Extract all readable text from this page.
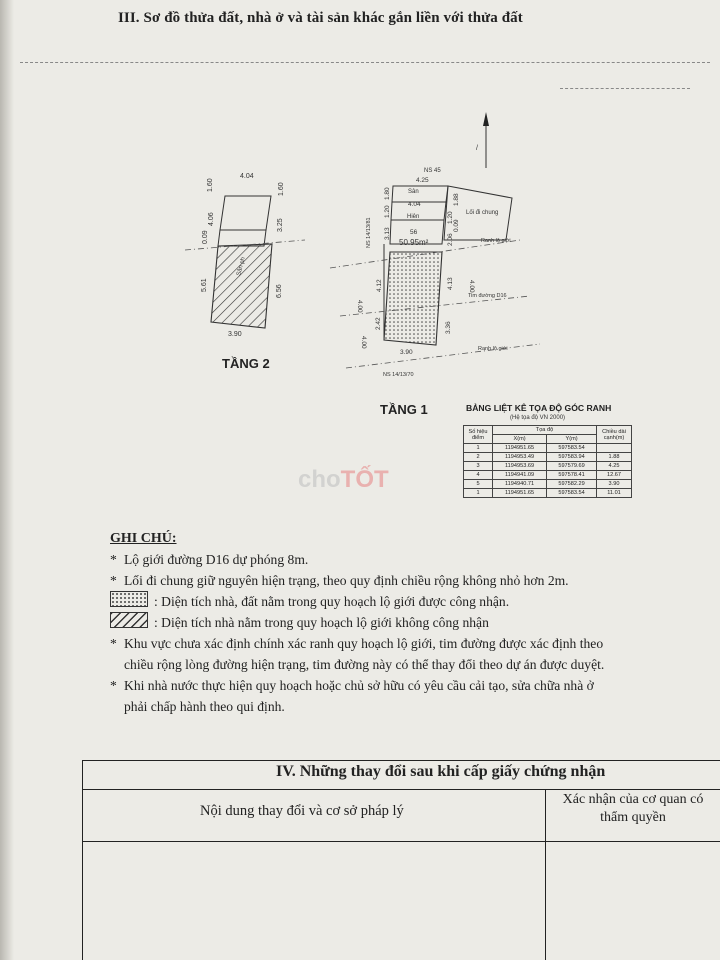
III. Sơ đồ thửa đất, nhà ở và tài sản khác gắn liền với thửa đất
/
4.04
1.60	1.60
4.06	3.25
0.09
5.61	6.56
3.90
Sân ph
NS 45
4.25
Sân
4.04
Hiên
56
50.95m²
Lối đi chung
Ranh lộ giới
Tim đường D16
Ranh lộ giới
NS 14/13/81
NS 14/13/70
1.80
1.20
3.13
1.88
1.20
0.09
2.06
4.12	4.13
2.42	3.36
4.00
4.00
4.00
3.90
TẦNG 2
TẦNG 1	BẢNG LIỆT KÊ TỌA ĐỘ GÓC RANH
(Hệ tọa độ VN 2000)
Số hiệu điểm	Tọa độ		Chiều dài cạnh(m)
	X(m)	Y(m)	
1	1194951.65	597583.54	
2	1194953.49	597583.94	1.88
3	1194953.69	597579.69	4.25
4	1194941.09	597578.41	12.67
5	1194940.71	597582.29	3.90
1	1194951.65	597583.54	11.01
choTỐT
GHI CHÚ:
* Lộ giới đường D16 dự phóng 8m.
* Lối đi chung giữ nguyên hiện trạng, theo quy định chiều rộng không nhỏ hơn 2m.
: Diện tích nhà, đất nằm trong quy hoạch lộ giới được công nhận.
: Diện tích nhà nằm trong quy hoạch lộ giới không công nhận
* Khu vực chưa xác định chính xác ranh quy hoạch lộ giới, tim đường được xác định theo
chiều rộng lòng đường hiện trạng, tim đường này có thể thay đổi theo dự án được duyệt.
* Khi nhà nước thực hiện quy hoạch hoặc chủ sở hữu có yêu cầu cải tạo, sửa chữa nhà ở
phải chấp hành theo qui định.
IV. Những thay đổi sau khi cấp giấy chứng nhận
Nội dung thay đổi và cơ sở pháp lý
Xác nhận của cơ quan có thẩm quyền
